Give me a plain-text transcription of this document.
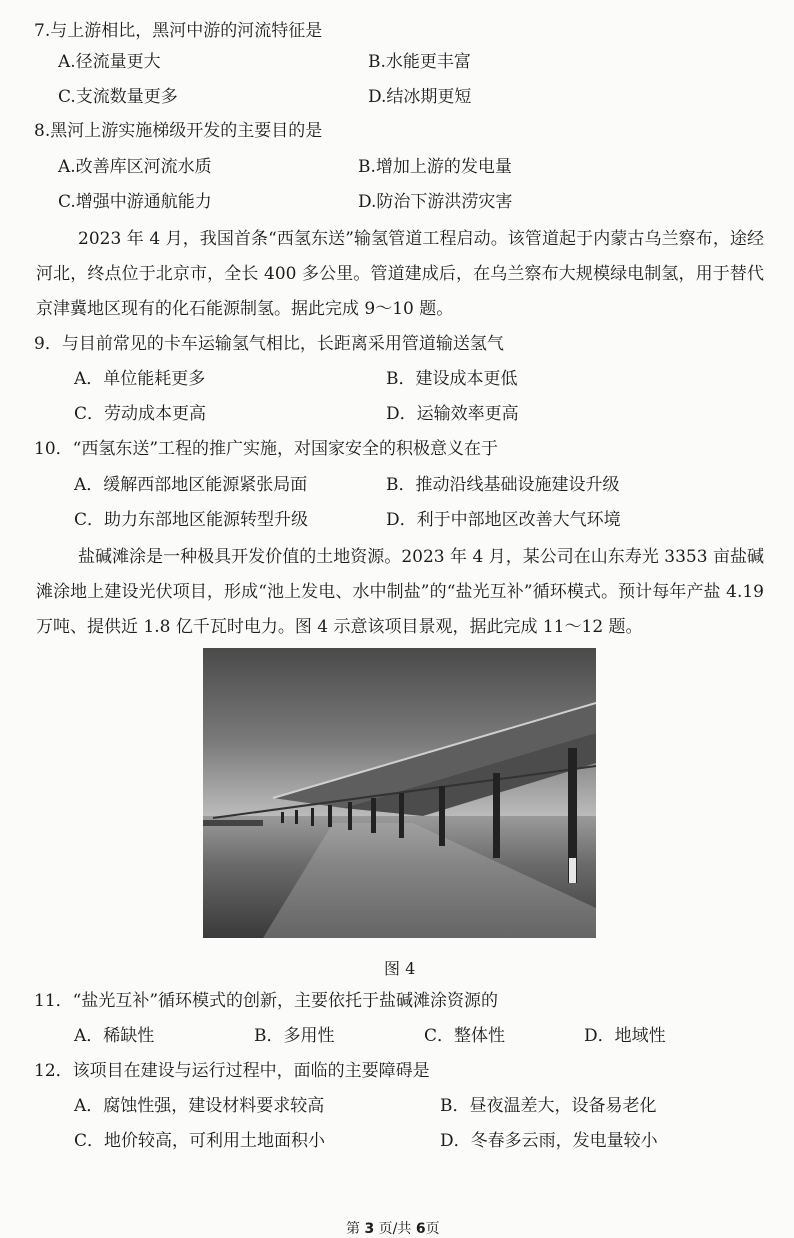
7.与上游相比，黑河中游的河流特征是
A.径流量更大	B.水能更丰富
C.支流数量更多	D.结冰期更短
8.黑河上游实施梯级开发的主要目的是
A.改善库区河流水质	B.增加上游的发电量
C.增强中游通航能力	D.防治下游洪涝灾害
2023 年 4 月，我国首条“西氢东送”输氢管道工程启动。该管道起于内蒙古乌兰察布，途经河北，终点位于北京市，全长 400 多公里。管道建成后，在乌兰察布大规模绿电制氢，用于替代京津冀地区现有的化石能源制氢。据此完成 9～10 题。
9．与目前常见的卡车运输氢气相比，长距离采用管道输送氢气
A．单位能耗更多	B．建设成本更低
C．劳动成本更高	D．运输效率更高
10．“西氢东送”工程的推广实施，对国家安全的积极意义在于
A．缓解西部地区能源紧张局面	B．推动沿线基础设施建设升级
C．助力东部地区能源转型升级	D．利于中部地区改善大气环境
盐碱滩涂是一种极具开发价值的土地资源。2023 年 4 月，某公司在山东寿光 3353 亩盐碱滩涂地上建设光伏项目，形成“池上发电、水中制盐”的“盐光互补”循环模式。预计每年产盐 4.19 万吨、提供近 1.8 亿千瓦时电力。图 4 示意该项目景观，据此完成 11～12 题。
图 4
11．“盐光互补”循环模式的创新，主要依托于盐碱滩涂资源的
A．稀缺性	B．多用性	C．整体性	D．地域性
12．该项目在建设与运行过程中，面临的主要障碍是
A．腐蚀性强，建设材料要求较高	B．昼夜温差大，设备易老化
C．地价较高，可利用土地面积小	D．冬春多云雨，发电量较小
第 3 页/共 6页
